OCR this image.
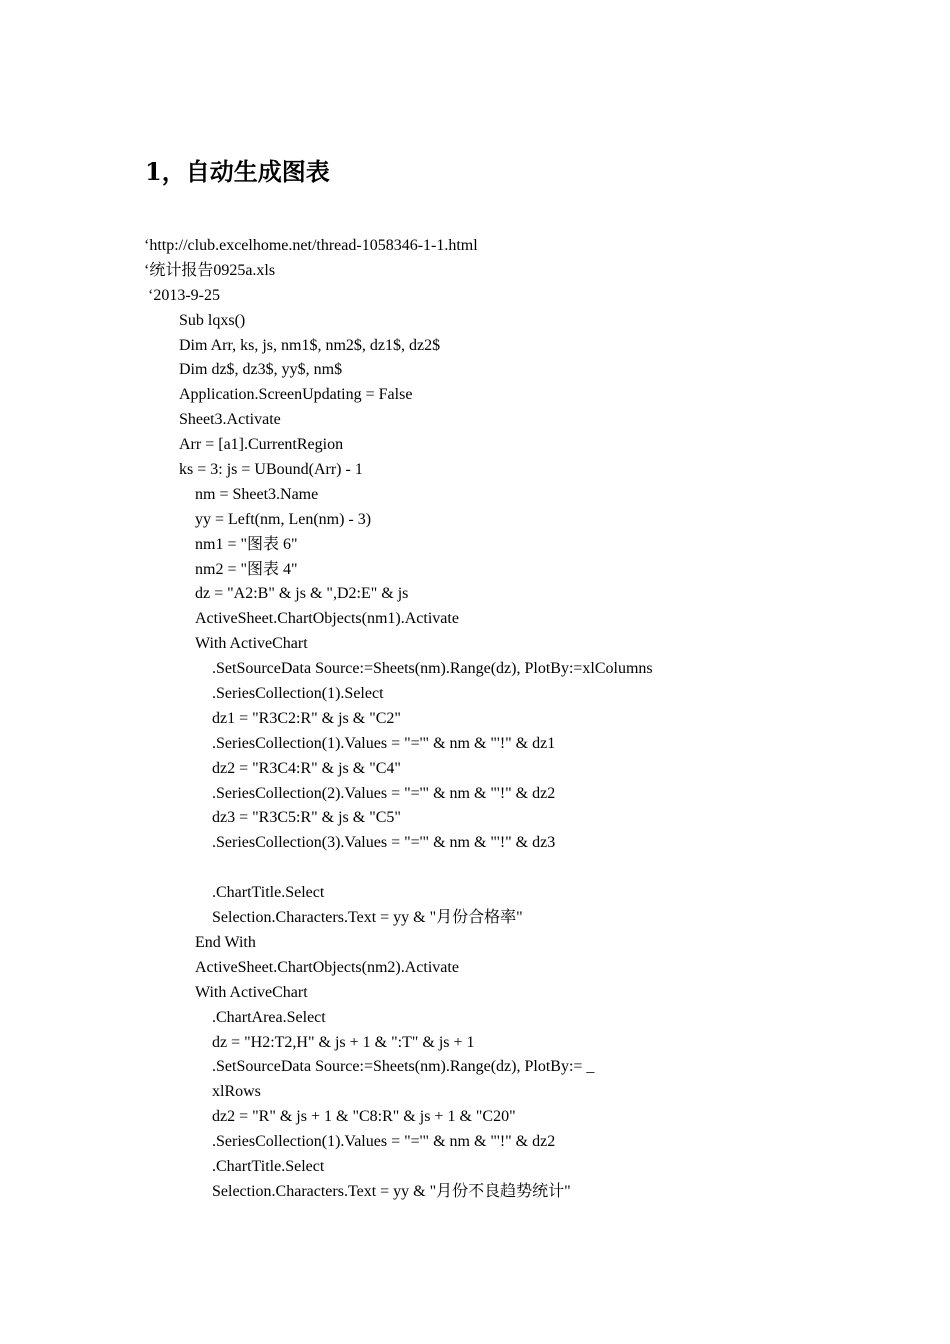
1，自动生成图表
‘http://club.excelhome.net/thread-1058346-1-1.html
‘统计报告0925a.xls
‘2013-9-25
Sub lqxs()
Dim Arr, ks, js, nm1$, nm2$, dz1$, dz2$
Dim dz$, dz3$, yy$, nm$
Application.ScreenUpdating = False
Sheet3.Activate
Arr = [a1].CurrentRegion
ks = 3: js = UBound(Arr) - 1
nm = Sheet3.Name
yy = Left(nm, Len(nm) - 3)
nm1 = "图表 6"
nm2 = "图表 4"
dz = "A2:B" & js & ",D2:E" & js
ActiveSheet.ChartObjects(nm1).Activate
With ActiveChart
.SetSourceData Source:=Sheets(nm).Range(dz), PlotBy:=xlColumns
.SeriesCollection(1).Select
dz1 = "R3C2:R" & js & "C2"
.SeriesCollection(1).Values = "='" & nm & "'!" & dz1
dz2 = "R3C4:R" & js & "C4"
.SeriesCollection(2).Values = "='" & nm & "'!" & dz2
dz3 = "R3C5:R" & js & "C5"
.SeriesCollection(3).Values = "='" & nm & "'!" & dz3
.ChartTitle.Select
Selection.Characters.Text = yy & "月份合格率"
End With
ActiveSheet.ChartObjects(nm2).Activate
With ActiveChart
.ChartArea.Select
dz = "H2:T2,H" & js + 1 & ":T" & js + 1
.SetSourceData Source:=Sheets(nm).Range(dz), PlotBy:= _
xlRows
dz2 = "R" & js + 1 & "C8:R" & js + 1 & "C20"
.SeriesCollection(1).Values = "='" & nm & "'!" & dz2
.ChartTitle.Select
Selection.Characters.Text = yy & "月份不良趋势统计"
